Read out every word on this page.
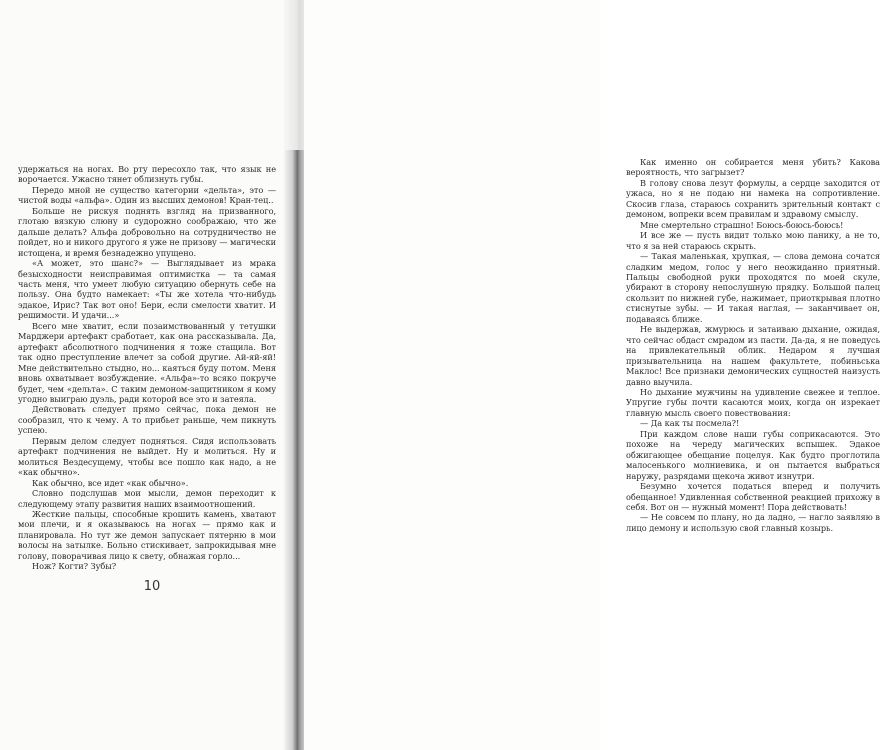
удержаться на ногах. Во рту пересохло так, что язык не ворочается. Ужасно тянет облизнуть губы.

Передо мной не существо категории «дельта», это — чистой воды «альфа». Один из высших демонов! Кран-тец..

Больше не рискуя поднять взгляд на призванного, глотаю вязкую слюну и судорожно соображаю, что же дальше делать? Альфа добровольно на сотрудничество не пойдет, но и никого другого я уже не призову — магически истощена, и время безнадежно упущено.

«А может, это шанс?» — Выглядывает из мрака безысходности неисправимая оптимистка — та самая часть меня, что умеет любую ситуацию обернуть себе на пользу. Она будто намекает: «Ты же хотела что-нибудь эдакое, Ирис? Так вот оно! Бери, если смелости хватит. И решимости. И удачи...»

Всего мне хватит, если позаимствованный у тетушки Марджери артефакт сработает, как она рассказывала. Да, артефакт абсолютного подчинения я тоже стащила. Вот так одно преступление влечет за собой другие. Ай-яй-яй! Мне действительно стыдно, но... каяться буду потом. Меня вновь охватывает возбуждение. «Альфа»-то всяко покруче будет, чем «дельта». С таким демоном-защитником я кому угодно выиграю дуэль, ради которой все это и затеяла.

Действовать следует прямо сейчас, пока демон не сообразил, что к чему. А то прибьет раньше, чем пикнуть успею.

Первым делом следует подняться. Сидя использовать артефакт подчинения не выйдет. Ну и молиться. Ну и молиться Вездесущему, чтобы все пошло как надо, а не «как обычно».

Как обычно, все идет «как обычно».

Словно подслушав мои мысли, демон переходит к следующему этапу развития наших взаимоотношений.

Жесткие пальцы, способные крошить камень, хватают мои плечи, и я оказываюсь на ногах — прямо как и планировала. Но тут же демон запускает пятерню в мои волосы на затылке. Больно стискивает, запрокидывая мне голову, поворачивая лицо к свету, обнажая горло...

Нож? Когти? Зубы?

10

Как именно он собирается меня убить? Какова вероятность, что загрызет?

В голову снова лезут формулы, а сердце заходится от ужаса, но я не подаю ни намека на сопротивление. Скосив глаза, стараюсь сохранить зрительный контакт с демоном, вопреки всем правилам и здравому смыслу.

Мне смертельно страшно! Боюсь-боюсь-боюсь!

И все же — пусть видит только мою панику, а не то, что я за ней стараюсь скрыть.

— Такая маленькая, хрупкая, — слова демона сочатся сладким медом, голос у него неожиданно приятный. Пальцы свободной руки проходятся по моей скуле, убирают в сторону непослушную прядку. Большой палец скользит по нижней губе, нажимает, приоткрывая плотно стиснутые зубы. — И такая наглая, — заканчивает он, подаваясь ближе.

Не выдержав, жмурюсь и затаиваю дыхание, ожидая, что сейчас обдаст смрадом из пасти. Да-да, я не поведусь на привлекательный облик. Недаром я лучшая призывательница на нашем факультете, побиньська Маклос! Все признаки демонических сущностей наизусть давно выучила.

Но дыхание мужчины на удивление свежее и теплое. Упругие губы почти касаются моих, когда он изрекает главную мысль своего повествования:

— Да как ты посмела?!

При каждом слове наши губы соприкасаются. Это похоже на череду магических вспышек. Эдакое обжигающее обещание поцелуя. Как будто проглотила малосенького молниевика, и он пытается выбраться наружу, разрядами щекоча живот изнутри.

Безумно хочется податься вперед и получить обещанное! Удивленная собственной реакцией прихожу в себя. Вот он — нужный момент! Пора действовать!

— Не совсем по плану, но да ладно, — нагло заявляю в лицо демону и использую свой главный козырь.
